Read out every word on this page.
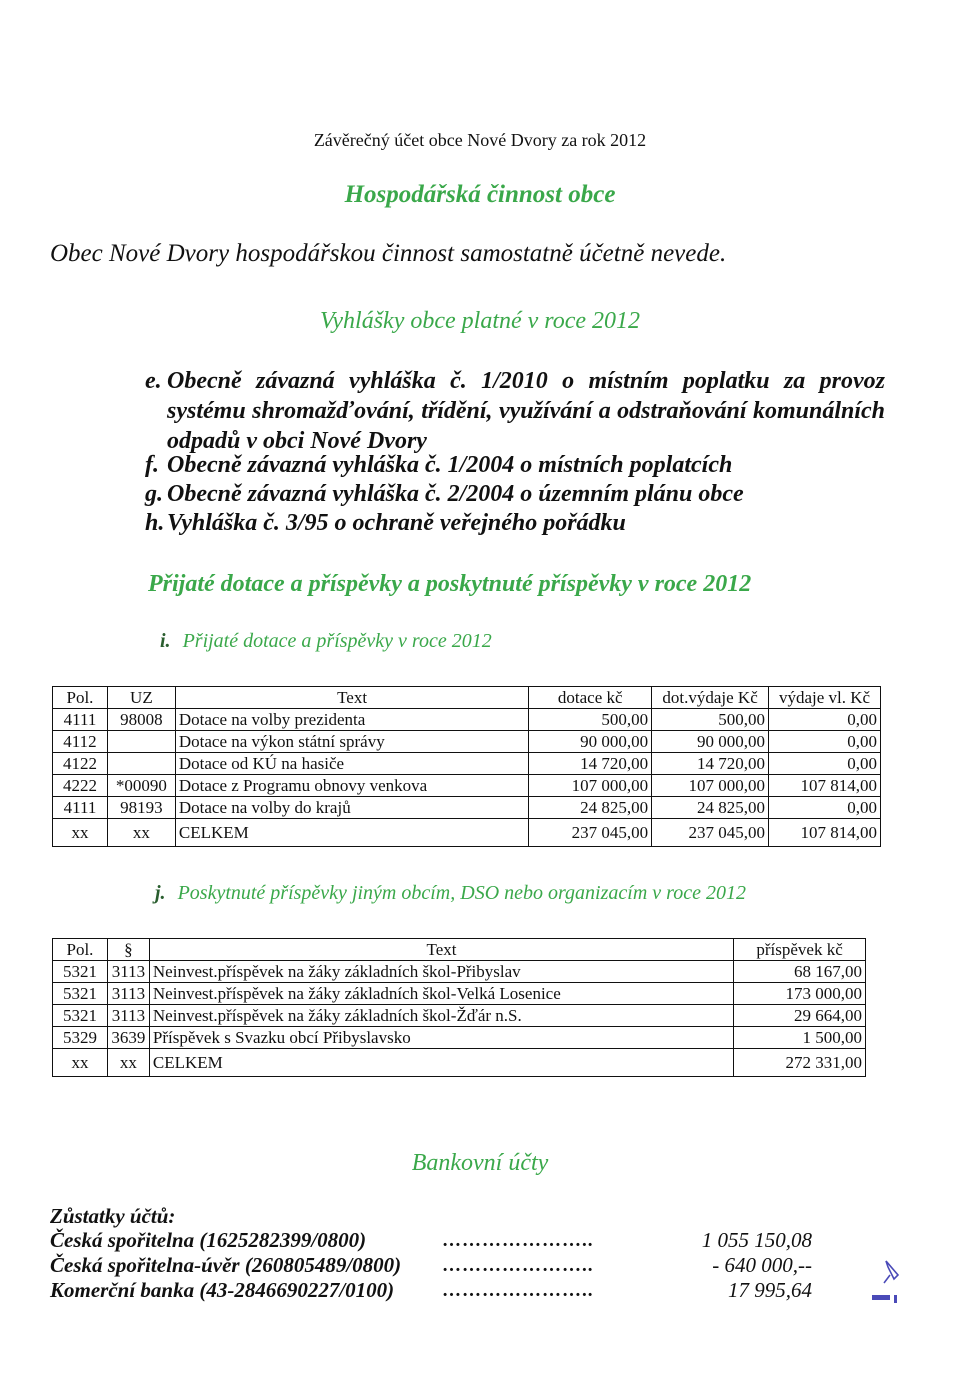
Závěrečný účet obce Nové Dvory za rok 2012
Hospodářská činnost obce
Obec Nové Dvory hospodářskou činnost samostatně účetně nevede.
Vyhlášky obce platné v roce 2012
e. Obecně závazná vyhláška č. 1/2010 o místním poplatku za provoz systému shromažďování, třídění, využívání a odstraňování komunálních odpadů v obci Nové Dvory
f. Obecně závazná vyhláška č. 1/2004 o místních poplatcích
g. Obecně závazná vyhláška č. 2/2004 o územním plánu obce
h. Vyhláška č. 3/95 o ochraně veřejného pořádku
Přijaté dotace a příspěvky a poskytnuté příspěvky v roce 2012
i. Přijaté dotace a příspěvky v roce 2012
Pol.	UZ	Text	dotace kč	dot.výdaje Kč	výdaje vl. Kč
4111	98008	Dotace na volby prezidenta	500,00	500,00	0,00
4112		Dotace na výkon státní správy	90 000,00	90 000,00	0,00
4122		Dotace od KÚ na hasiče	14 720,00	14 720,00	0,00
4222	*00090	Dotace z Programu obnovy venkova	107 000,00	107 000,00	107 814,00
4111	98193	Dotace na volby do krajů	24 825,00	24 825,00	0,00
xx	xx	CELKEM	237 045,00	237 045,00	107 814,00
j. Poskytnuté příspěvky jiným obcím, DSO nebo organizacím v roce 2012
Pol.	§	Text	příspěvek kč
5321	3113	Neinvest.příspěvek na žáky základních škol-Přibyslav	68 167,00
5321	3113	Neinvest.příspěvek na žáky základních škol-Velká Losenice	173 000,00
5321	3113	Neinvest.příspěvek na žáky základních škol-Žďár n.S.	29 664,00
5329	3639	Příspěvek s Svazku obcí Přibyslavsko	1 500,00
xx	xx	CELKEM	272 331,00
Bankovní účty
Zůstatky účtů:
Česká spořitelna (1625282399/0800)	…………………..	1 055 150,08
Česká spořitelna-úvěr (260805489/0800) …………………..	- 640 000,--
Komerční banka (43-2846690227/0100)	…………………..	17 995,64
